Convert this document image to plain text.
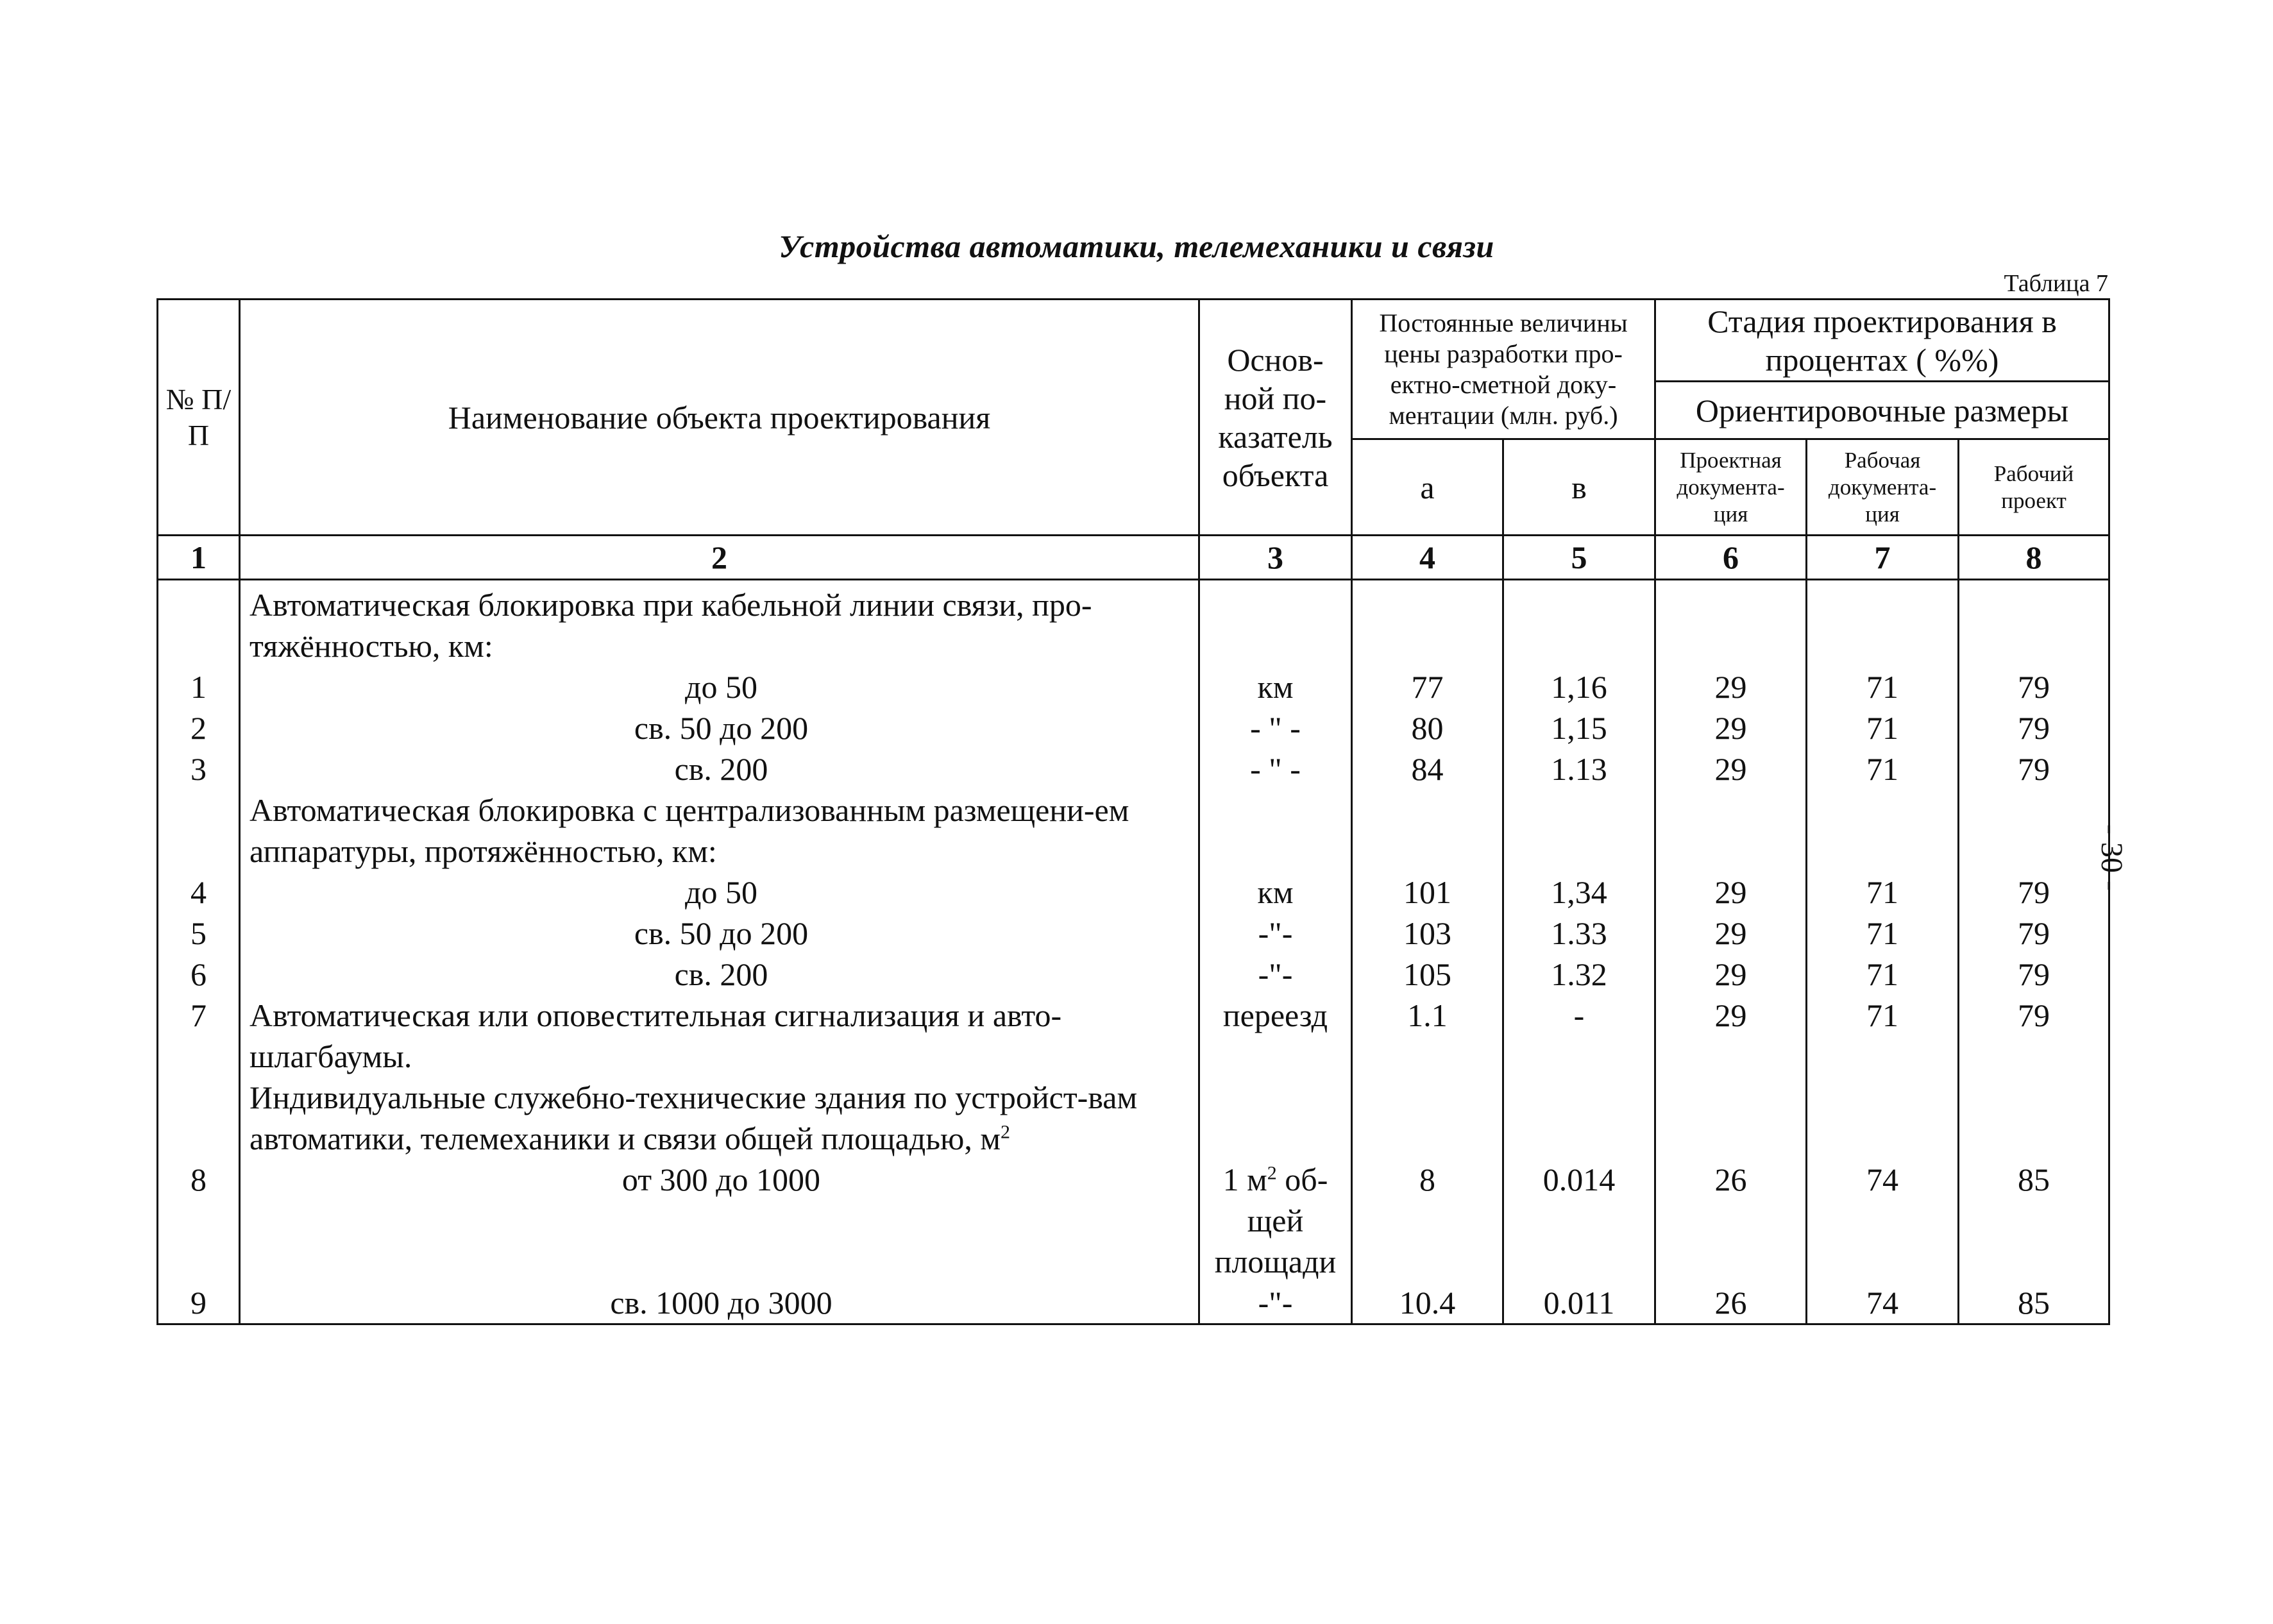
Устройства автоматики, телемеханики и связи
Таблица 7
- 30 -
№ П/П	Наименование объекта проектирования	Основ-ной по-казатель объекта	Постоянные величины цены разработки про-ектно-сметной доку-ментации (млн. руб.)		Стадия проектирования в процентах ( %%)		
					Ориентировочные размеры		
			а	в	Проектная документа-ция	Рабочая документа-ция	Рабочий проект
1	2	3	4	5	6	7	8
	Автоматическая блокировка при кабельной линии связи, про-тяжённостью, км:						
1	до 50	км	77	1,16	29	71	79
2	св. 50 до 200	- " -	80	1,15	29	71	79
3	св. 200	- " -	84	1.13	29	71	79
	Автоматическая блокировка с централизованным размещени-ем аппаратуры, протяжённостью, км:						
4	до 50	км	101	1,34	29	71	79
5	св. 50 до 200	-"-	103	1.33	29	71	79
6	св. 200	-"-	105	1.32	29	71	79
7	Автоматическая или оповестительная сигнализация и авто-шлагбаумы.	переезд	1.1	-	29	71	79
	Индивидуальные служебно-технические здания по устройст-вам автоматики, телемеханики и связи общей площадью, $м^2$						
8	от 300 до 1000	1 $м^2$ об-щей площади	8	0.014	26	74	85
9	св. 1000 до 3000	-"-	10.4	0.011	26	74	85
